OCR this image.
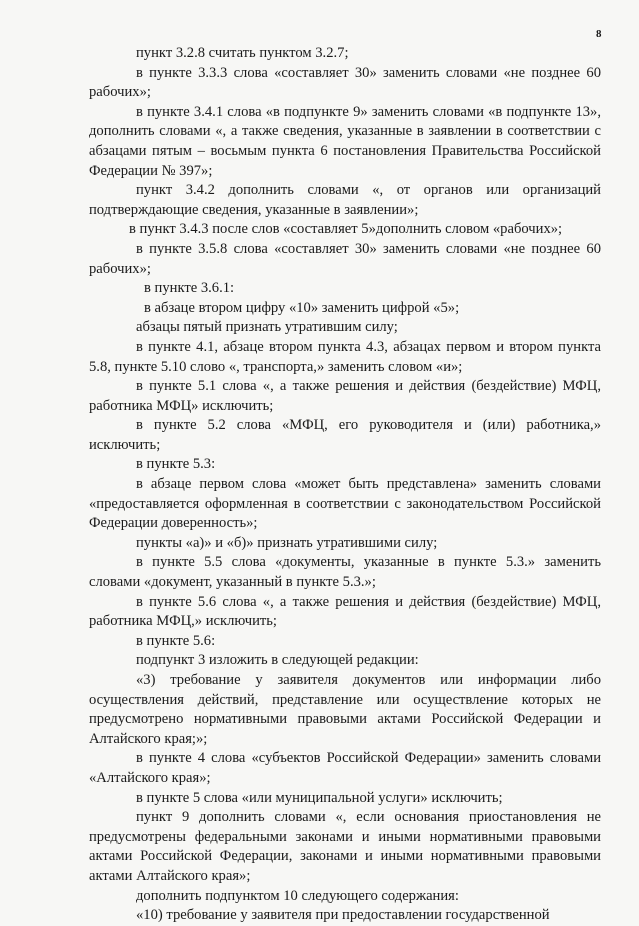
8

пункт 3.2.8 считать пунктом 3.2.7;

в пункте 3.3.3 слова «составляет 30» заменить словами «не позднее 60 рабочих»;

в пункте 3.4.1 слова «в подпункте 9» заменить словами «в подпункте 13», дополнить словами «, а также сведения, указанные в заявлении в соответствии с абзацами пятым – восьмым пункта 6 постановления Правительства Российской Федерации № 397»;

пункт 3.4.2 дополнить словами «, от органов или организаций подтверждающие сведения, указанные в заявлении»;

в пункт 3.4.3 после слов «составляет 5»дополнить словом «рабочих»;

в пункте 3.5.8 слова «составляет 30» заменить словами «не позднее 60 рабочих»;

в пункте 3.6.1:

в абзаце втором цифру «10» заменить цифрой «5»;

абзацы пятый признать утратившим силу;

в пункте 4.1, абзаце втором пункта 4.3, абзацах первом и втором пункта 5.8, пункте 5.10 слово «, транспорта,» заменить словом «и»;

в пункте 5.1 слова «, а также решения и действия (бездействие) МФЦ, работника МФЦ» исключить;

в пункте 5.2 слова «МФЦ, его руководителя и (или) работника,» исключить;

в пункте 5.3:

в абзаце первом слова «может быть представлена» заменить словами «предоставляется оформленная в соответствии с законодательством Российской Федерации доверенность»;

пункты «а)» и «б)» признать утратившими силу;

в пункте 5.5 слова «документы, указанные в пункте 5.3.» заменить словами «документ, указанный в пункте 5.3.»;

в пункте 5.6 слова «, а также решения и действия (бездействие) МФЦ, работника МФЦ,» исключить;

в пункте 5.6:

подпункт 3 изложить в следующей редакции:

«3) требование у заявителя документов или информации либо осуществления действий, представление или осуществление которых не предусмотрено нормативными правовыми актами Российской Федерации и Алтайского края;»;

в пункте 4 слова «субъектов Российской Федерации» заменить словами «Алтайского края»;

в пункте 5 слова «или муниципальной услуги» исключить;

пункт 9 дополнить словами «, если основания приостановления не предусмотрены федеральными законами и иными нормативными правовыми актами Российской Федерации, законами и иными нормативными правовыми актами Алтайского края»;

дополнить подпунктом 10 следующего содержания:

«10) требование у заявителя при предоставлении государственной
